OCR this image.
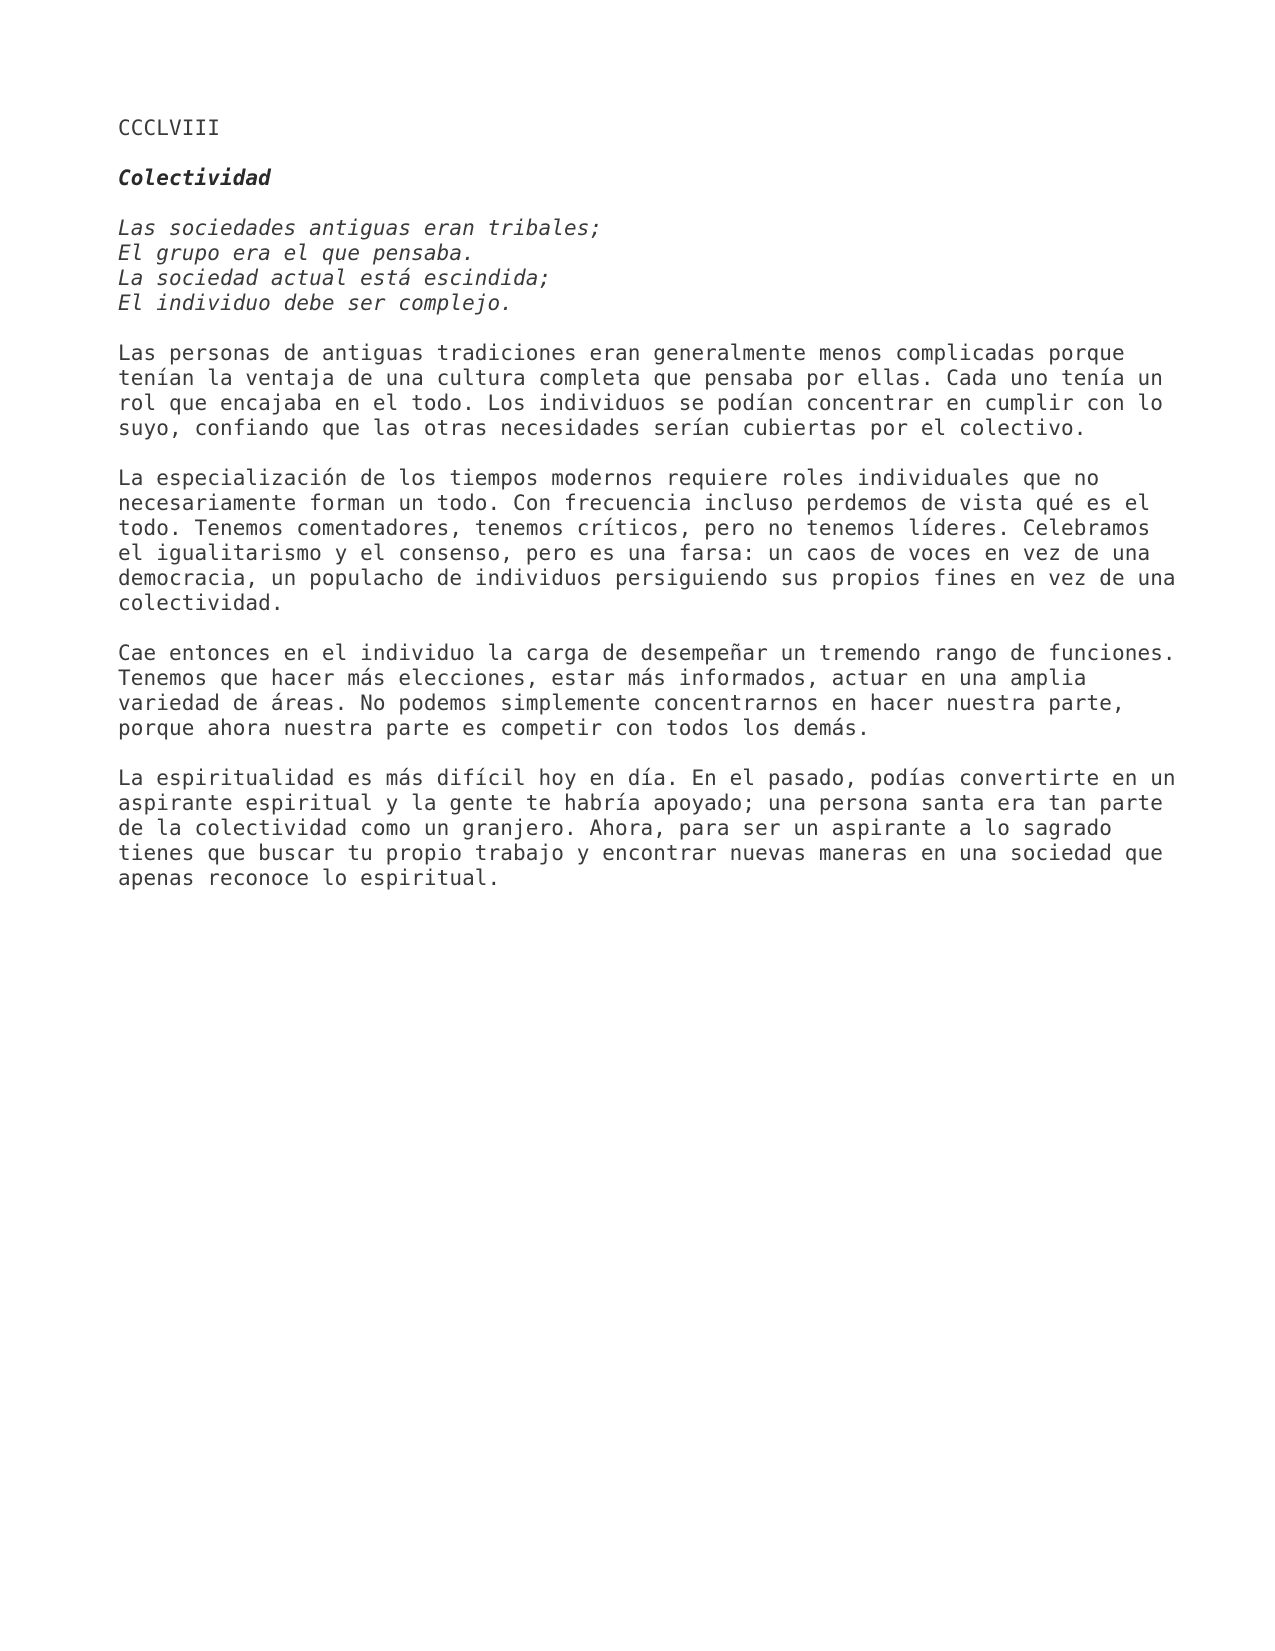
CCCLVIII
Colectividad
Las sociedades antiguas eran tribales;
El grupo era el que pensaba.
La sociedad actual está escindida;
El individuo debe ser complejo.
Las personas de antiguas tradiciones eran generalmente menos complicadas porque
tenían la ventaja de una cultura completa que pensaba por ellas. Cada uno tenía un
rol que encajaba en el todo. Los individuos se podían concentrar en cumplir con lo
suyo, confiando que las otras necesidades serían cubiertas por el colectivo.
La especialización de los tiempos modernos requiere roles individuales que no
necesariamente forman un todo. Con frecuencia incluso perdemos de vista qué es el
todo. Tenemos comentadores, tenemos críticos, pero no tenemos líderes. Celebramos
el igualitarismo y el consenso, pero es una farsa: un caos de voces en vez de una
democracia, un populacho de individuos persiguiendo sus propios fines en vez de una
colectividad.
Cae entonces en el individuo la carga de desempeñar un tremendo rango de funciones.
Tenemos que hacer más elecciones, estar más informados, actuar en una amplia
variedad de áreas. No podemos simplemente concentrarnos en hacer nuestra parte,
porque ahora nuestra parte es competir con todos los demás.
La espiritualidad es más difícil hoy en día. En el pasado, podías convertirte en un
aspirante espiritual y la gente te habría apoyado; una persona santa era tan parte
de la colectividad como un granjero. Ahora, para ser un aspirante a lo sagrado
tienes que buscar tu propio trabajo y encontrar nuevas maneras en una sociedad que
apenas reconoce lo espiritual.
